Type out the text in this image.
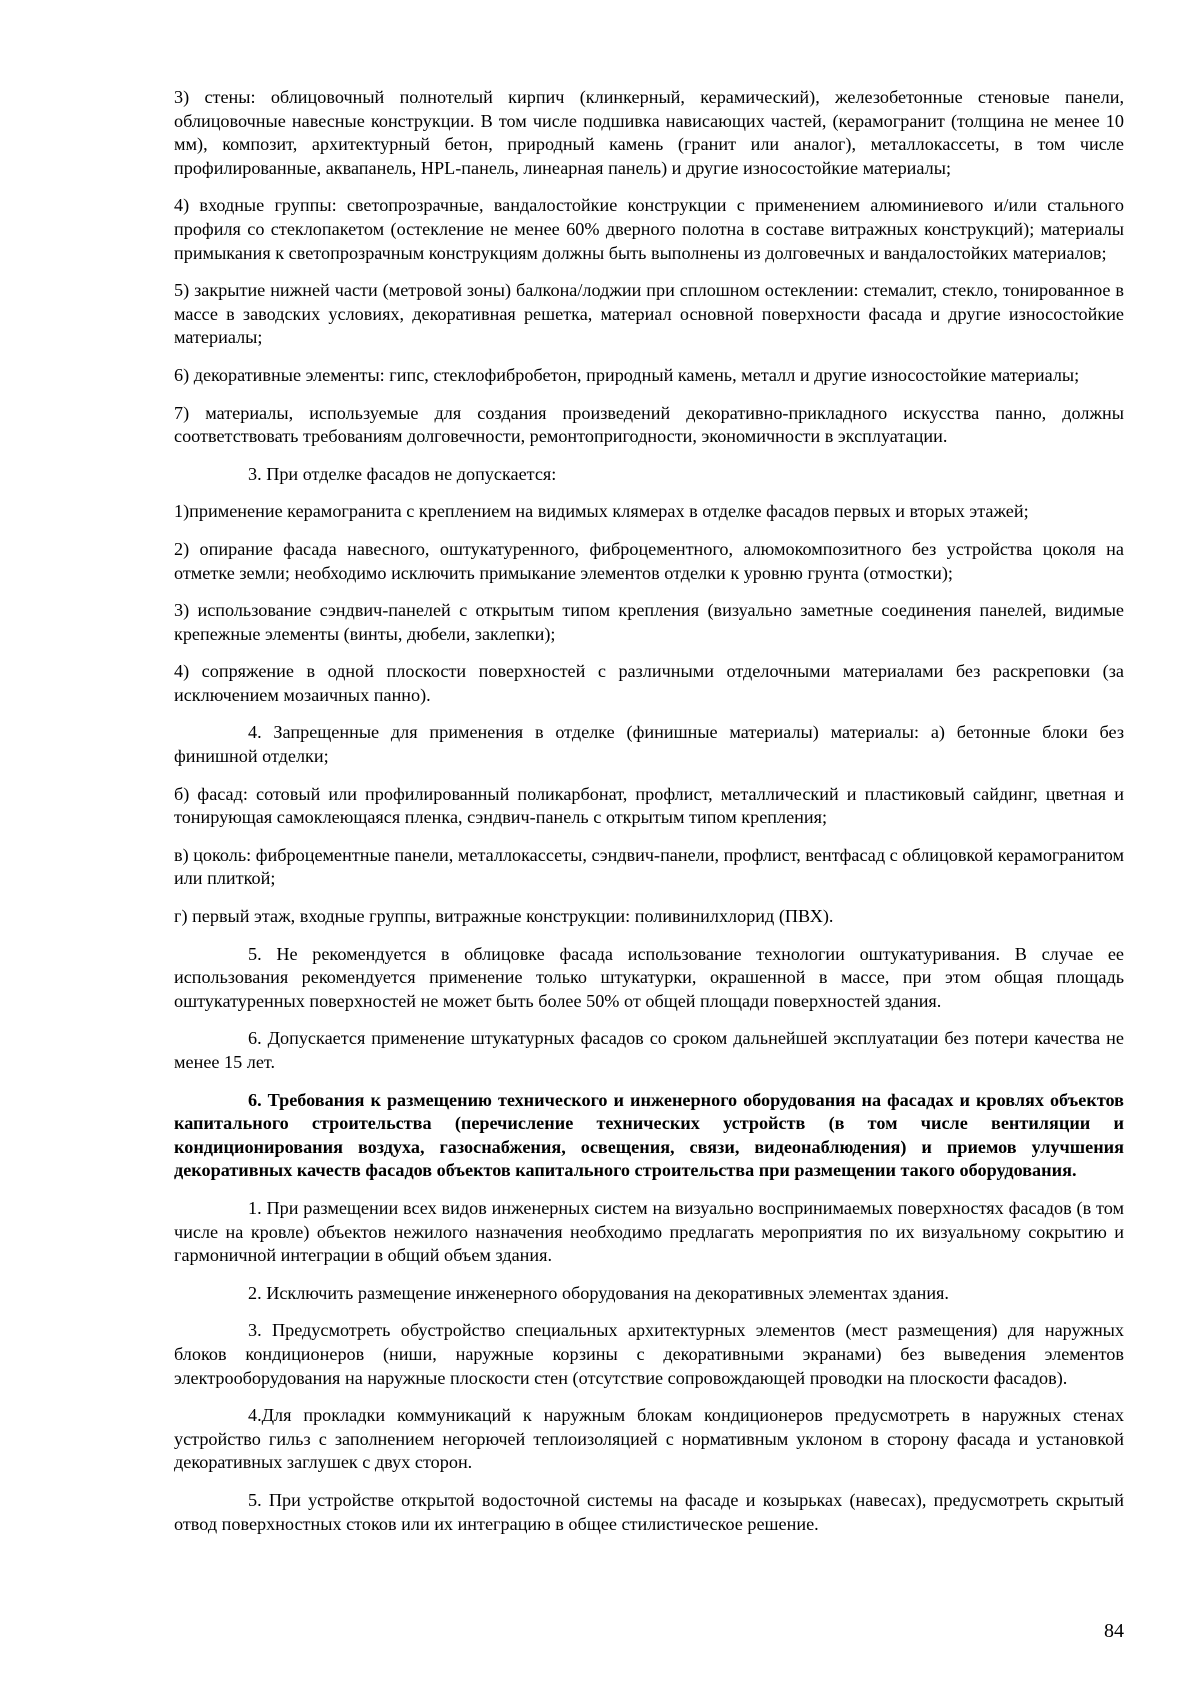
3) стены: облицовочный полнотелый кирпич (клинкерный, керамический), железобетонные стеновые панели, облицовочные навесные конструкции. В том числе подшивка нависающих частей, (керамогранит (толщина не менее 10 мм), композит, архитектурный бетон, природный камень (гранит или аналог), металлокассеты, в том числе профилированные, аквапанель, HPL-панель, линеарная панель) и другие износостойкие материалы;

4) входные группы: светопрозрачные, вандалостойкие конструкции с применением алюминиевого и/или стального профиля со стеклопакетом (остекление не менее 60% дверного полотна в составе витражных конструкций); материалы примыкания к светопрозрачным конструкциям должны быть выполнены из долговечных и вандалостойких материалов;

5) закрытие нижней части (метровой зоны) балкона/лоджии при сплошном остеклении: стемалит, стекло, тонированное в массе в заводских условиях, декоративная решетка, материал основной поверхности фасада и другие износостойкие материалы;

6) декоративные элементы: гипс, стеклофибробетон, природный камень, металл и другие износостойкие материалы;

7) материалы, используемые для создания произведений декоративно-прикладного искусства панно, должны соответствовать требованиям долговечности, ремонтопригодности, экономичности в эксплуатации.

3. При отделке фасадов не допускается:

1)применение керамогранита с креплением на видимых клямерах в отделке фасадов первых и вторых этажей;

2) опирание фасада навесного, оштукатуренного, фиброцементного, алюмокомпозитного без устройства цоколя на отметке земли; необходимо исключить примыкание элементов отделки к уровню грунта (отмостки);

3) использование сэндвич-панелей с открытым типом крепления (визуально заметные соединения панелей, видимые крепежные элементы (винты, дюбели, заклепки);

4) сопряжение в одной плоскости поверхностей с различными отделочными материалами без раскреповки (за исключением мозаичных панно).

4. Запрещенные для применения в отделке (финишные материалы) материалы: а) бетонные блоки без финишной отделки;

б) фасад: сотовый или профилированный поликарбонат, профлист, металлический и пластиковый сайдинг, цветная и тонирующая самоклеющаяся пленка, сэндвич-панель с открытым типом крепления;

в) цоколь: фиброцементные панели, металлокассеты, сэндвич-панели, профлист, вентфасад с облицовкой керамогранитом или плиткой;

г) первый этаж, входные группы, витражные конструкции: поливинилхлорид (ПВХ).

5. Не рекомендуется в облицовке фасада использование технологии оштукатуривания. В случае ее использования рекомендуется применение только штукатурки, окрашенной в массе, при этом общая площадь оштукатуренных поверхностей не может быть более 50% от общей площади поверхностей здания.

6. Допускается применение штукатурных фасадов со сроком дальнейшей эксплуатации без потери качества не менее 15 лет.

6. Требования к размещению технического и инженерного оборудования на фасадах и кровлях объектов капитального строительства (перечисление технических устройств (в том числе вентиляции и кондиционирования воздуха, газоснабжения, освещения, связи, видеонаблюдения) и приемов улучшения декоративных качеств фасадов объектов капитального строительства при размещении такого оборудования.

1. При размещении всех видов инженерных систем на визуально воспринимаемых поверхностях фасадов (в том числе на кровле) объектов нежилого назначения необходимо предлагать мероприятия по их визуальному сокрытию и гармоничной интеграции в общий объем здания.

2. Исключить размещение инженерного оборудования на декоративных элементах здания.

3. Предусмотреть обустройство специальных архитектурных элементов (мест размещения) для наружных блоков кондиционеров (ниши, наружные корзины с декоративными экранами) без выведения элементов электрооборудования на наружные плоскости стен (отсутствие сопровождающей проводки на плоскости фасадов).

4.Для прокладки коммуникаций к наружным блокам кондиционеров предусмотреть в наружных стенах устройство гильз с заполнением негорючей теплоизоляцией с нормативным уклоном в сторону фасада и установкой декоративных заглушек с двух сторон.

5. При устройстве открытой водосточной системы на фасаде и козырьках (навесах), предусмотреть скрытый отвод поверхностных стоков или их интеграцию в общее стилистическое решение.

84
